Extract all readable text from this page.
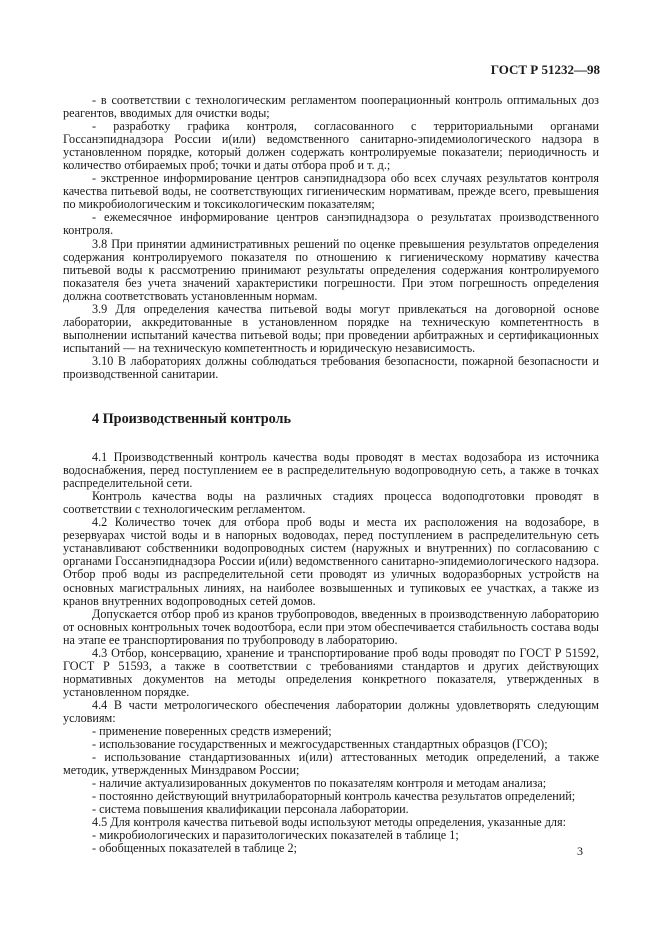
ГОСТ Р 51232—98

- в соответствии с технологическим регламентом пооперационный контроль оптимальных доз реагентов, вводимых для очистки воды;

- разработку графика контроля, согласованного с территориальными органами Госсанэпиднадзора России и(или) ведомственного санитарно-эпидемиологического надзора в установленном порядке, который должен содержать контролируемые показатели; периодичность и количество отбираемых проб; точки и даты отбора проб и т. д.;

- экстренное информирование центров санэпиднадзора обо всех случаях результатов контроля качества питьевой воды, не соответствующих гигиеническим нормативам, прежде всего, превышения по микробиологическим и токсикологическим показателям;

- ежемесячное информирование центров санэпиднадзора о результатах производственного контроля.

3.8 При принятии административных решений по оценке превышения результатов определения содержания контролируемого показателя по отношению к гигиеническому нормативу качества питьевой воды к рассмотрению принимают результаты определения содержания контролируемого показателя без учета значений характеристики погрешности. При этом погрешность определения должна соответствовать установленным нормам.

3.9 Для определения качества питьевой воды могут привлекаться на договорной основе лаборатории, аккредитованные в установленном порядке на техническую компетентность в выполнении испытаний качества питьевой воды; при проведении арбитражных и сертификационных испытаний — на техническую компетентность и юридическую независимость.

3.10 В лабораториях должны соблюдаться требования безопасности, пожарной безопасности и производственной санитарии.

4 Производственный контроль

4.1 Производственный контроль качества воды проводят в местах водозабора из источника водоснабжения, перед поступлением ее в распределительную водопроводную сеть, а также в точках распределительной сети.

Контроль качества воды на различных стадиях процесса водоподготовки проводят в соответствии с технологическим регламентом.

4.2 Количество точек для отбора проб воды и места их расположения на водозаборе, в резервуарах чистой воды и в напорных водоводах, перед поступлением в распределительную сеть устанавливают собственники водопроводных систем (наружных и внутренних) по согласованию с органами Госсанэпиднадзора России и(или) ведомственного санитарно-эпидемиологического надзора. Отбор проб воды из распределительной сети проводят из уличных водоразборных устройств на основных магистральных линиях, на наиболее возвышенных и тупиковых ее участках, а также из кранов внутренних водопроводных сетей домов.

Допускается отбор проб из кранов трубопроводов, введенных в производственную лабораторию от основных контрольных точек водоотбора, если при этом обеспечивается стабильность состава воды на этапе ее транспортирования по трубопроводу в лабораторию.

4.3 Отбор, консервацию, хранение и транспортирование проб воды проводят по ГОСТ Р 51592, ГОСТ Р 51593, а также в соответствии с требованиями стандартов и других действующих нормативных документов на методы определения конкретного показателя, утвержденных в установленном порядке.

4.4 В части метрологического обеспечения лаборатории должны удовлетворять следующим условиям:

- применение поверенных средств измерений;

- использование государственных и межгосударственных стандартных образцов (ГСО);

- использование стандартизованных и(или) аттестованных методик определений, а также методик, утвержденных Минздравом России;

- наличие актуализированных документов по показателям контроля и методам анализа;

- постоянно действующий внутрилабораторный контроль качества результатов определений;

- система повышения квалификации персонала лаборатории.

4.5 Для контроля качества питьевой воды используют методы определения, указанные для:

- микробиологических и паразитологических показателей в таблице 1;

- обобщенных показателей в таблице 2;	3
